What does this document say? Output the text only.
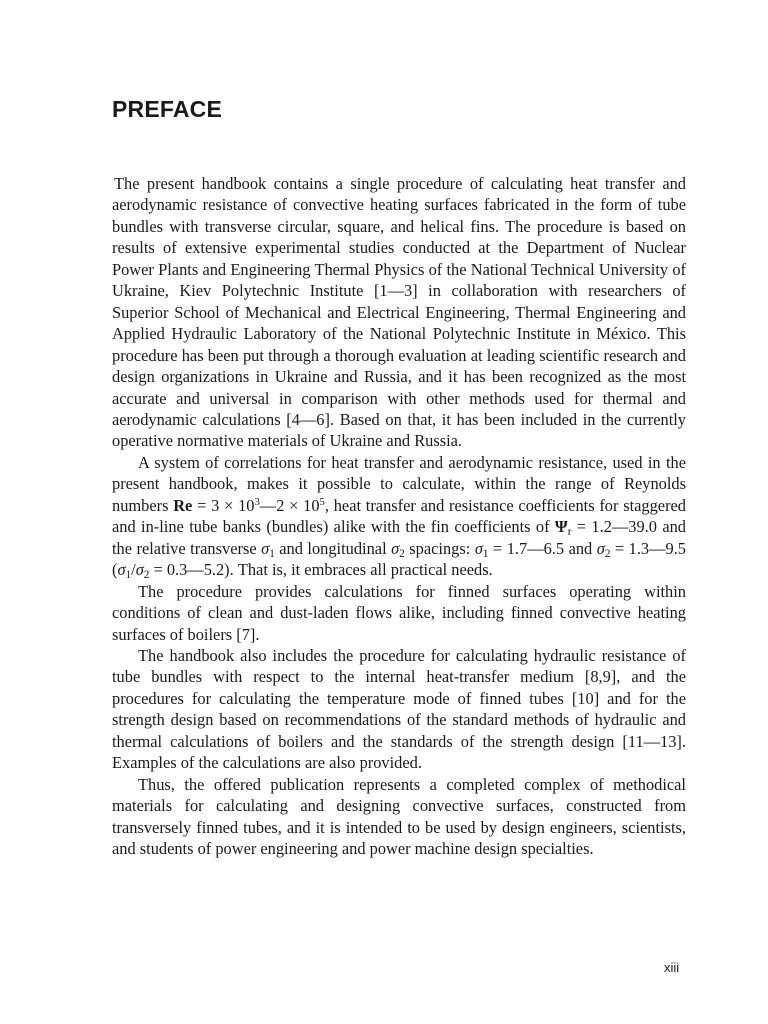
PREFACE

The present handbook contains a single procedure of calculating heat transfer and aerodynamic resistance of convective heating surfaces fabricated in the form of tube bundles with transverse circular, square, and helical fins. The procedure is based on results of extensive experimental studies conducted at the Department of Nuclear Power Plants and Engineering Thermal Physics of the National Technical University of Ukraine, Kiev Polytechnic Institute [1—3] in collaboration with researchers of Superior School of Mechanical and Electrical Engineering, Thermal Engineering and Applied Hydraulic Laboratory of the National Polytechnic Institute in México. This procedure has been put through a thorough evaluation at leading scientific research and design organizations in Ukraine and Russia, and it has been recognized as the most accurate and universal in comparison with other methods used for thermal and aerodynamic calculations [4—6]. Based on that, it has been included in the currently operative normative materials of Ukraine and Russia.

A system of correlations for heat transfer and aerodynamic resistance, used in the present handbook, makes it possible to calculate, within the range of Reynolds numbers $Re = 3 \times 10^3—2 \times 10^5$, heat transfer and resistance coefficients for staggered and in-line tube banks (bundles) alike with the fin coefficients of $\Psi_r$ = 1.2—39.0 and the relative transverse $\sigma_1$ and longitudinal $\sigma_2$ spacings: $\sigma_1$ = 1.7—6.5 and $\sigma_2$ = 1.3—9.5 ($\sigma_1/\sigma_2$ = 0.3—5.2). That is, it embraces all practical needs.

The procedure provides calculations for finned surfaces operating within conditions of clean and dust-laden flows alike, including finned convective heating surfaces of boilers [7].

The handbook also includes the procedure for calculating hydraulic resistance of tube bundles with respect to the internal heat-transfer medium [8,9], and the procedures for calculating the temperature mode of finned tubes [10] and for the strength design based on recommendations of the standard methods of hydraulic and thermal calculations of boilers and the standards of the strength design [11—13]. Examples of the calculations are also provided.

Thus, the offered publication represents a completed complex of methodical materials for calculating and designing convective surfaces, constructed from transversely finned tubes, and it is intended to be used by design engineers, scientists, and students of power engineering and power machine design specialties.

xiii
